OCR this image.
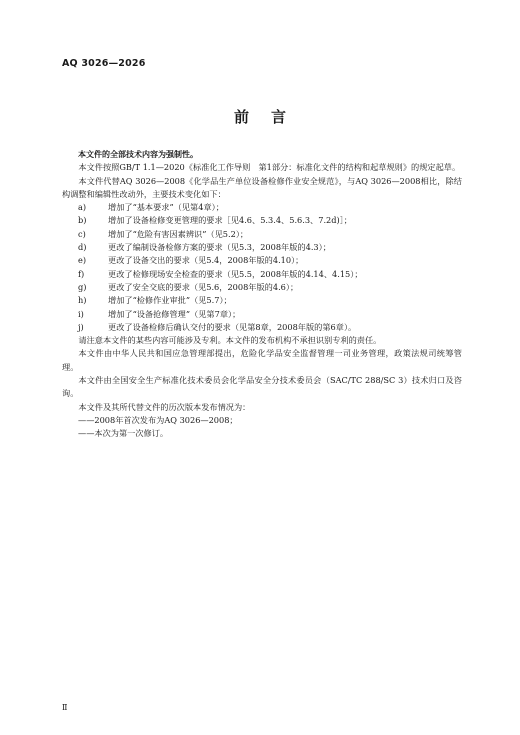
AQ 3026—2026
前言

本文件的全部技术内容为强制性。

本文件按照GB/T 1.1—2020《标准化工作导则　第1部分：标准化文件的结构和起草规则》的规定起草。

本文件代替AQ 3026—2008《化学品生产单位设备检修作业安全规范》，与AQ 3026—2008相比，除结构调整和编辑性改动外，主要技术变化如下：

a)	增加了“基本要求”（见第4章）；
b)	增加了设备检修变更管理的要求［见4.6、5.3.4、5.6.3、7.2d)］；
c)	增加了“危险有害因素辨识”（见5.2）；
d)	更改了编制设备检修方案的要求（见5.3，2008年版的4.3）；
e)	更改了设备交出的要求（见5.4，2008年版的4.10）；
f)	更改了检修现场安全检查的要求（见5.5，2008年版的4.14、4.15）；
g)	更改了安全交底的要求（见5.6，2008年版的4.6）；
h)	增加了“检修作业审批”（见5.7）；
i)	增加了“设备抢修管理”（见第7章）；
j)	更改了设备检修后确认交付的要求（见第8章，2008年版的第6章）。

请注意本文件的某些内容可能涉及专利。本文件的发布机构不承担识别专利的责任。

本文件由中华人民共和国应急管理部提出，危险化学品安全监督管理一司业务管理，政策法规司统筹管理。

本文件由全国安全生产标准化技术委员会化学品安全分技术委员会（SAC/TC 288/SC 3）技术归口及咨询。

本文件及其所代替文件的历次版本发布情况为：

——2008年首次发布为AQ 3026—2008；
——本次为第一次修订。
Ⅱ
